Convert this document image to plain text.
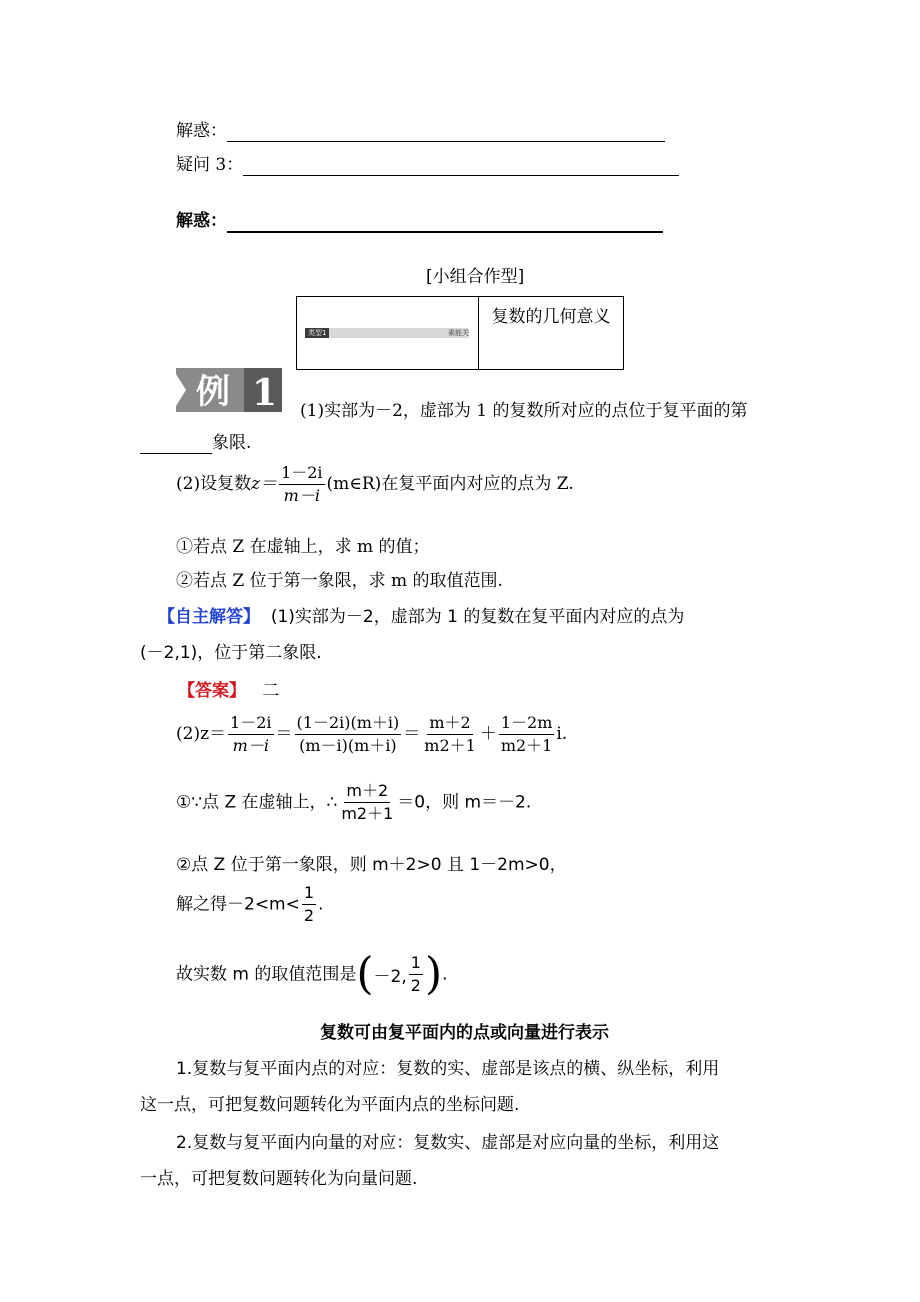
解惑：
疑问 3：
解惑：
[小组合作型]
类型1	素能关
复数的几何意义
例 1 (1)实部为－2，虚部为 1 的复数所对应的点位于复平面的第
象限.
(2)设复数$z= \frac{1-2i}{m-i}$ (m∈R)在复平面内对应的点为 Z.
①若点 Z 在虚轴上，求 m 的值；
②若点 Z 位于第一象限，求 m 的取值范围.
【自主解答】 (1)实部为－2，虚部为 1 的复数在复平面内对应的点为
(－2,1)，位于第二象限.
【答案】 二
$(2)z= \frac{1-2i}{m-i} = \frac{(1-2i)(m+i)}{(m-i)(m+i)} = \frac{m+2}{m2+1} + \frac{1-2m}{m2+1} i$.
①∵点 Z 在虚轴上，∴ $\frac{m+2}{m2+1} =0$，则 m＝－2.
②点 Z 位于第一象限，则 m＋2>0 且 1－2m>0，
解之得$-2<m< \frac{1}{2}$ .
故实数 m 的取值范围是(－2, $\frac{1}{2}$ ).
复数可由复平面内的点或向量进行表示
1.复数与复平面内点的对应：复数的实、虚部是该点的横、纵坐标，利用
这一点，可把复数问题转化为平面内点的坐标问题.
2.复数与复平面内向量的对应：复数实、虚部是对应向量的坐标，利用这
一点，可把复数问题转化为向量问题.
